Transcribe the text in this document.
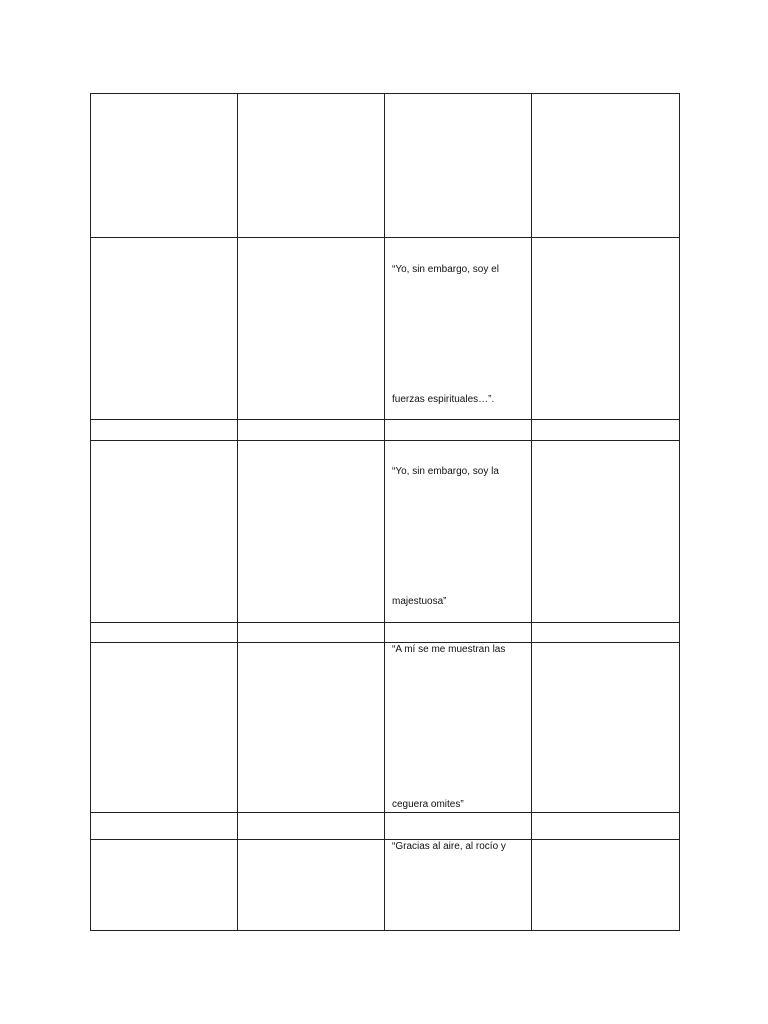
		“Yo, sin embargo, soy el
fuerzas espirituales…”.	

		“Yo, sin embargo, soy la
majestuosa”	

		“A mí se me muestran las
ceguera omites”	

		“Gracias al aire, al rocío y	
